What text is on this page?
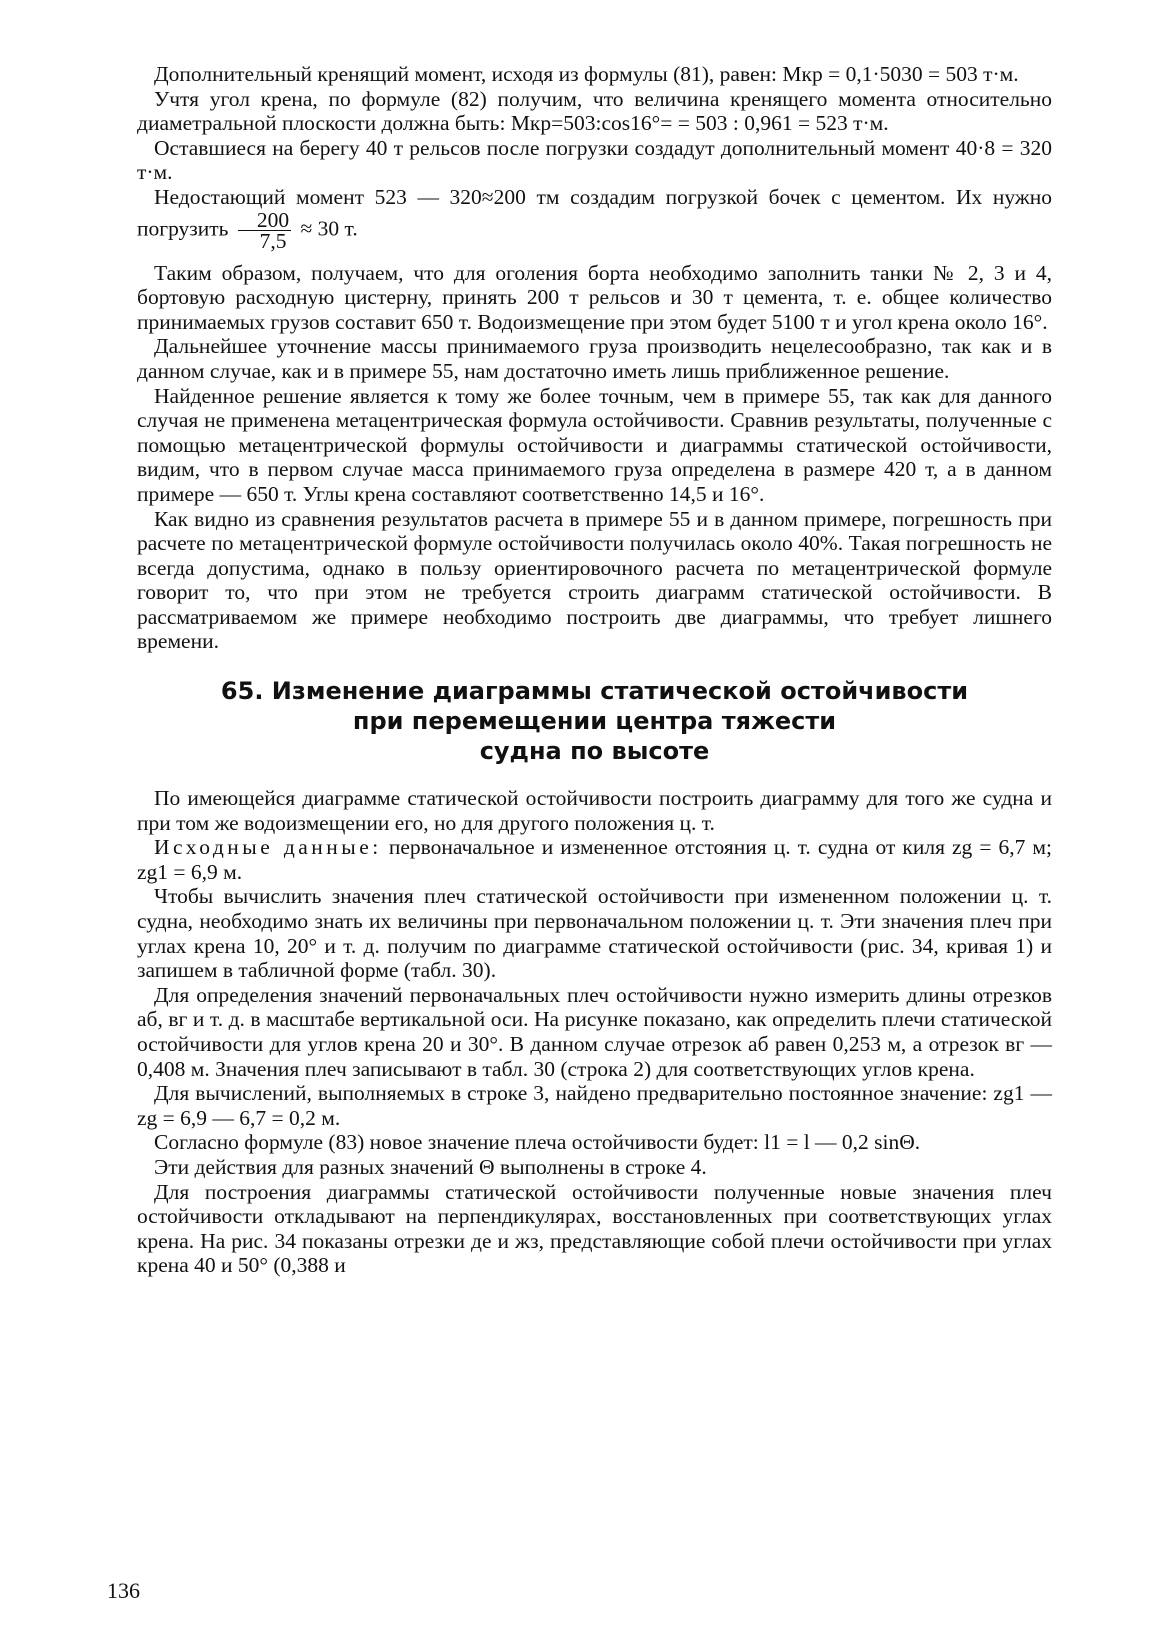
Дополнительный кренящий момент, исходя из формулы (81), равен: Mкр = 0,1·5030 = 503 т·м.

Учтя угол крена, по формуле (82) получим, что величина кренящего момента относительно диаметральной плоскости должна быть: Mкр=503:cos16°= = 503 : 0,961 = 523 т·м.

Оставшиеся на берегу 40 т рельсов после погрузки создадут дополнительный момент 40·8 = 320 т·м.

Недостающий момент 523 — 320≈200 тм создадим погрузкой бочек с цементом. Их нужно погрузить $\frac{200}{7,5} \approx 30$ т.

Таким образом, получаем, что для оголения борта необходимо заполнить танки № 2, 3 и 4, бортовую расходную цистерну, принять 200 т рельсов и 30 т цемента, т. е. общее количество принимаемых грузов составит 650 т. Водоизмещение при этом будет 5100 т и угол крена около 16°.

Дальнейшее уточнение массы принимаемого груза производить нецелесообразно, так как и в данном случае, как и в примере 55, нам достаточно иметь лишь приближенное решение.

Найденное решение является к тому же более точным, чем в примере 55, так как для данного случая не применена метацентрическая формула остойчивости. Сравнив результаты, полученные с помощью метацентрической формулы остойчивости и диаграммы статической остойчивости, видим, что в первом случае масса принимаемого груза определена в размере 420 т, а в данном примере — 650 т. Углы крена составляют соответственно 14,5 и 16°.

Как видно из сравнения результатов расчета в примере 55 и в данном примере, погрешность при расчете по метацентрической формуле остойчивости получилась около 40%. Такая погрешность не всегда допустима, однако в пользу ориентировочного расчета по метацентрической формуле говорит то, что при этом не требуется строить диаграмм статической остойчивости. В рассматриваемом же примере необходимо построить две диаграммы, что требует лишнего времени.

65. Изменение диаграммы статической остойчивости
при перемещении центра тяжести
судна по высоте

По имеющейся диаграмме статической остойчивости построить диаграмму для того же судна и при том же водоизмещении его, но для другого положения ц. т.

Исходные данные: первоначальное и измененное отстояния ц. т. судна от киля zg = 6,7 м; zg1 = 6,9 м.

Чтобы вычислить значения плеч статической остойчивости при измененном положении ц. т. судна, необходимо знать их величины при первоначальном положении ц. т. Эти значения плеч при углах крена 10, 20° и т. д. получим по диаграмме статической остойчивости (рис. 34, кривая 1) и запишем в табличной форме (табл. 30).

Для определения значений первоначальных плеч остойчивости нужно измерить длины отрезков аб, вг и т. д. в масштабе вертикальной оси. На рисунке показано, как определить плечи статической остойчивости для углов крена 20 и 30°. В данном случае отрезок аб равен 0,253 м, а отрезок вг — 0,408 м. Значения плеч записывают в табл. 30 (строка 2) для соответствующих углов крена.

Для вычислений, выполняемых в строке 3, найдено предварительно постоянное значение: zg1 — zg = 6,9 — 6,7 = 0,2 м.

Согласно формуле (83) новое значение плеча остойчивости будет: l1 = l — 0,2 sinΘ.

Эти действия для разных значений Θ выполнены в строке 4.

Для построения диаграммы статической остойчивости полученные новые значения плеч остойчивости откладывают на перпендикулярах, восстановленных при соответствующих углах крена. На рис. 34 показаны отрезки де и жз, представляющие собой плечи остойчивости при углах крена 40 и 50° (0,388 и

136
